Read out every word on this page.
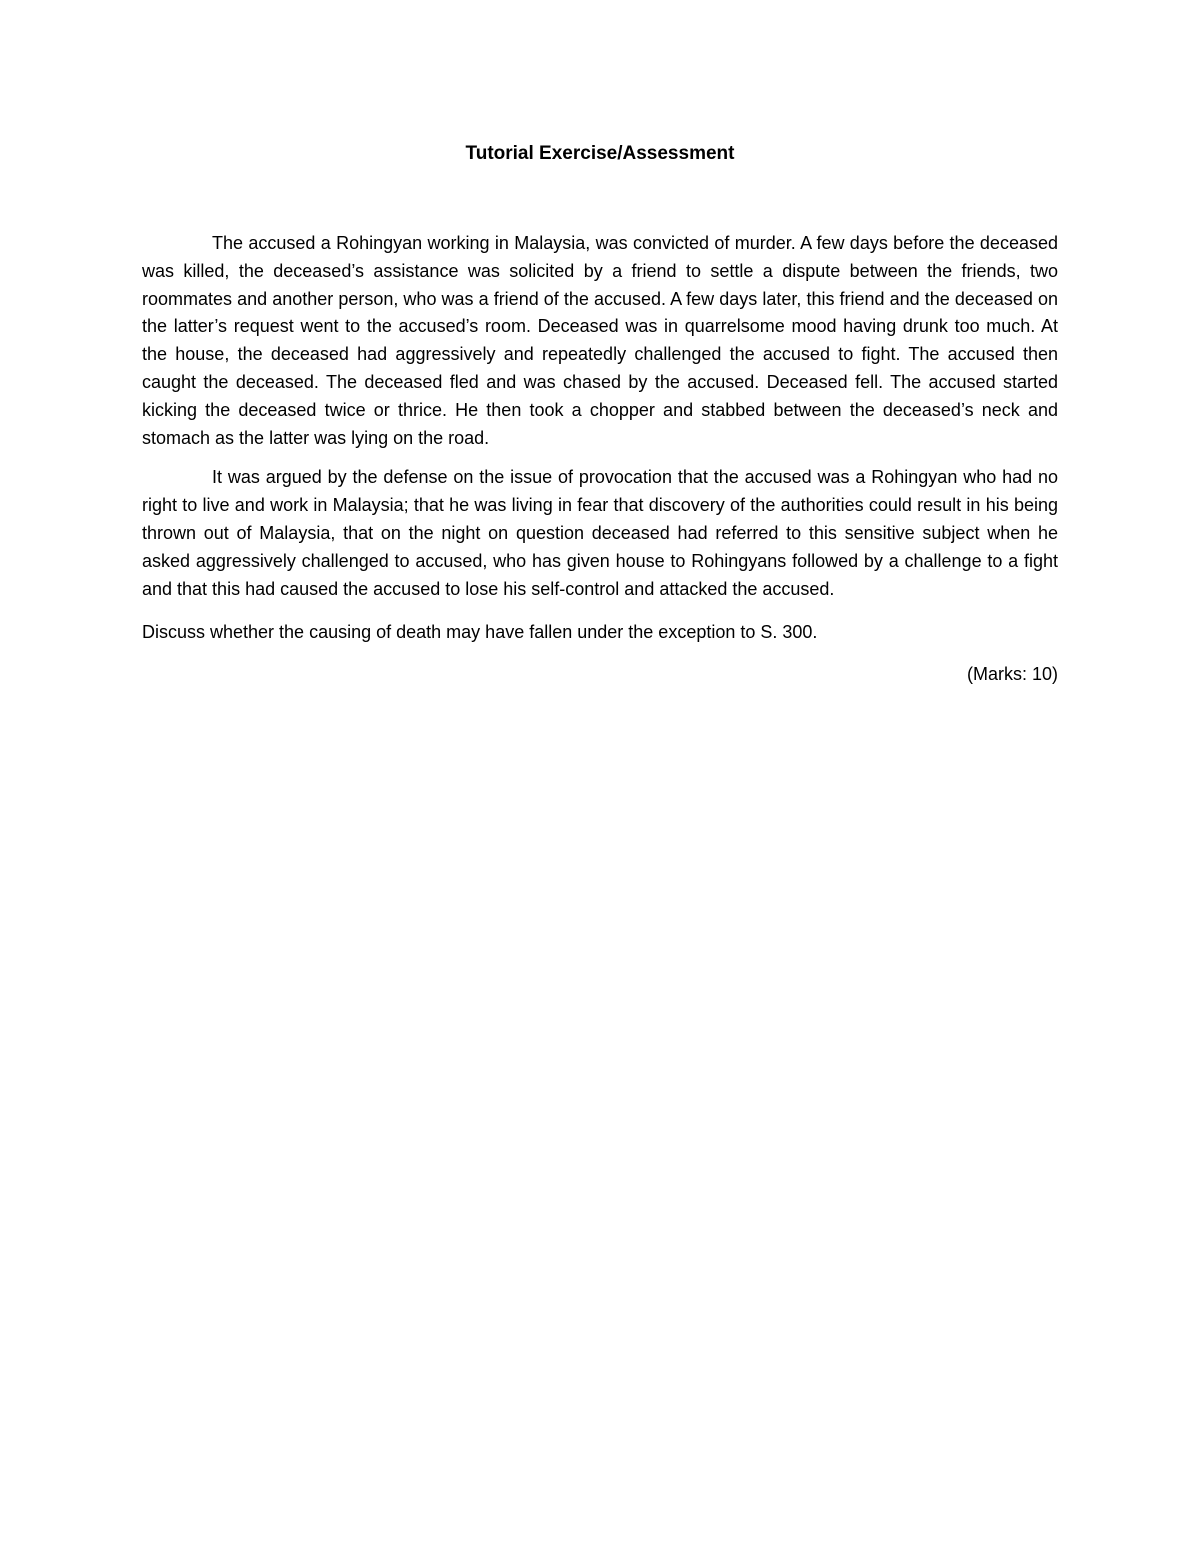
Tutorial Exercise/Assessment

The accused a Rohingyan working in Malaysia, was convicted of murder. A few days before the deceased was killed, the deceased’s assistance was solicited by a friend to settle a dispute between the friends, two roommates and another person, who was a friend of the accused. A few days later, this friend and the deceased on the latter’s request went to the accused’s room. Deceased was in quarrelsome mood having drunk too much. At the house, the deceased had aggressively and repeatedly challenged the accused to fight. The accused then caught the deceased. The deceased fled and was chased by the accused. Deceased fell. The accused started kicking the deceased twice or thrice. He then took a chopper and stabbed between the deceased’s neck and stomach as the latter was lying on the road.

It was argued by the defense on the issue of provocation that the accused was a Rohingyan who had no right to live and work in Malaysia; that he was living in fear that discovery of the authorities could result in his being thrown out of Malaysia, that on the night on question deceased had referred to this sensitive subject when he asked aggressively challenged to accused, who has given house to Rohingyans followed by a challenge to a fight and that this had caused the accused to lose his self-control and attacked the accused.

Discuss whether the causing of death may have fallen under the exception to S. 300.

(Marks: 10)
